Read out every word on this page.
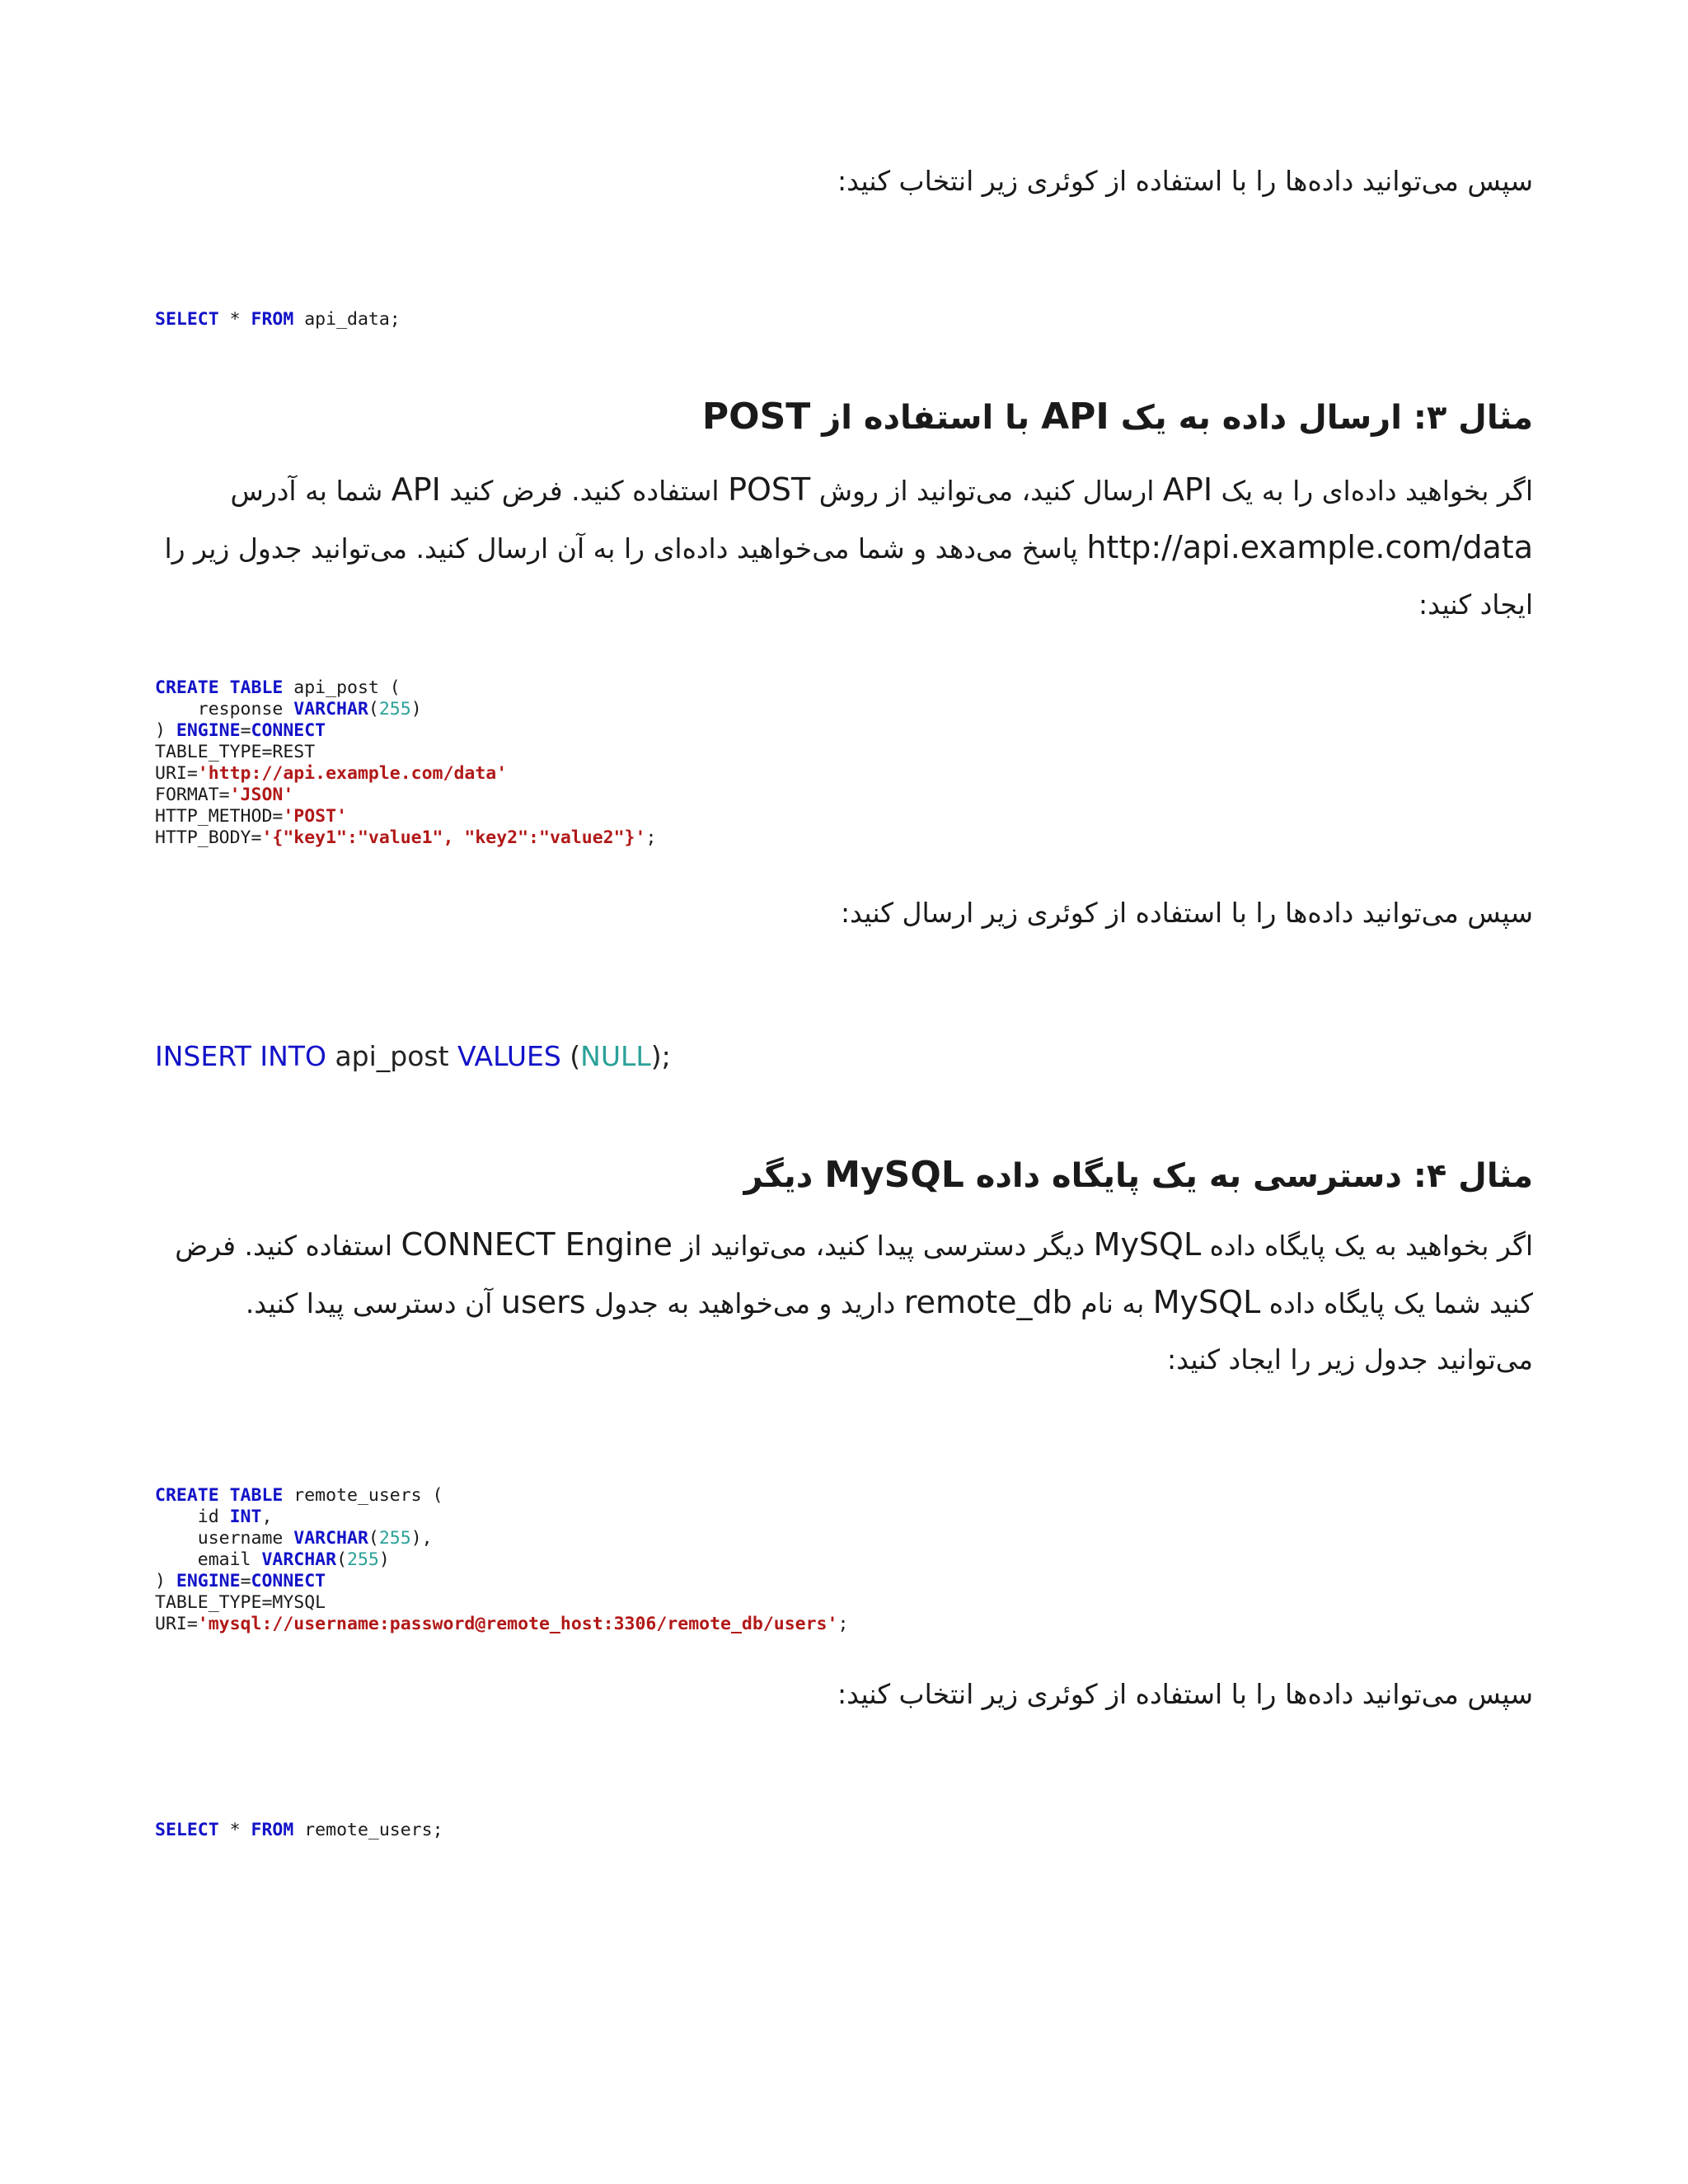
سپس می‌توانید داده‌ها را با استفاده از کوئری زیر انتخاب کنید:

SELECT * FROM api_data;
مثال ۳: ارسال داده به یک API با استفاده از POST

اگر بخواهید داده‌ای را به یک API ارسال کنید، می‌توانید از روش POST استفاده کنید. فرض کنید API شما به آدرس http://api.example.com/data پاسخ می‌دهد و شما می‌خواهید داده‌ای را به آن ارسال کنید. می‌توانید جدول زیر را ایجاد کنید:

CREATE TABLE api_post (
response VARCHAR(255)
) ENGINE=CONNECT
TABLE_TYPE=REST
URI='http://api.example.com/data'
FORMAT='JSON'
HTTP_METHOD='POST'
HTTP_BODY='{"key1":"value1", "key2":"value2"}';

سپس می‌توانید داده‌ها را با استفاده از کوئری زیر ارسال کنید:

INSERT INTO api_post VALUES (NULL);
مثال ۴: دسترسی به یک پایگاه داده MySQL دیگر

اگر بخواهید به یک پایگاه داده MySQL دیگر دسترسی پیدا کنید، می‌توانید از CONNECT Engine استفاده کنید. فرض کنید شما یک پایگاه داده MySQL به نام remote_db دارید و می‌خواهید به جدول users آن دسترسی پیدا کنید. می‌توانید جدول زیر را ایجاد کنید:

CREATE TABLE remote_users (
id INT,
username VARCHAR(255),
email VARCHAR(255)
) ENGINE=CONNECT
TABLE_TYPE=MYSQL
URI='mysql://username:password@remote_host:3306/remote_db/users';

سپس می‌توانید داده‌ها را با استفاده از کوئری زیر انتخاب کنید:

SELECT * FROM remote_users;
